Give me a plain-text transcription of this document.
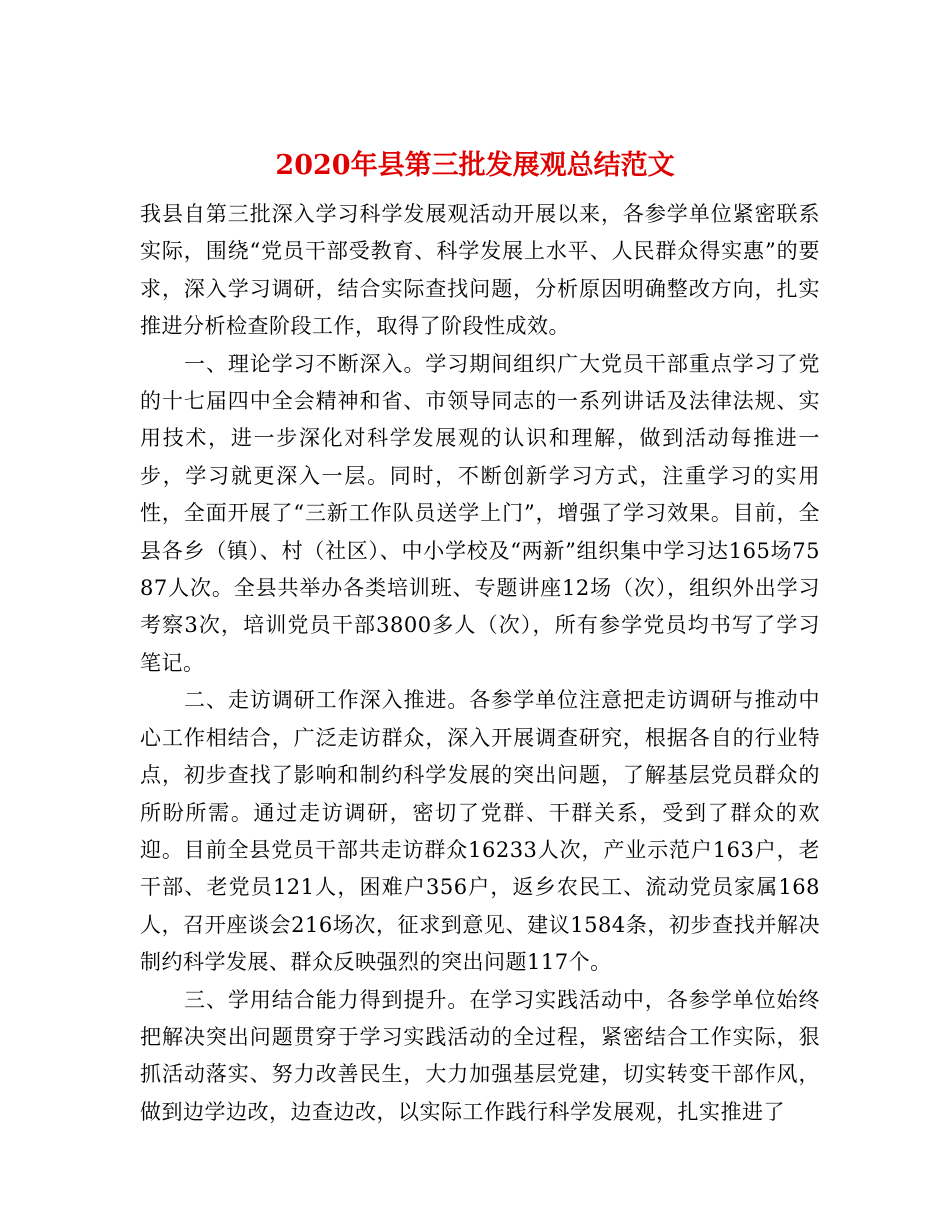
2020年县第三批发展观总结范文

我县自第三批深入学习科学发展观活动开展以来，各参学单位紧密联系实际，围绕“党员干部受教育、科学发展上水平、人民群众得实惠”的要求，深入学习调研，结合实际查找问题，分析原因明确整改方向，扎实推进分析检查阶段工作，取得了阶段性成效。

一、理论学习不断深入。学习期间组织广大党员干部重点学习了党的十七届四中全会精神和省、市领导同志的一系列讲话及法律法规、实用技术，进一步深化对科学发展观的认识和理解，做到活动每推进一步，学习就更深入一层。同时，不断创新学习方式，注重学习的实用性，全面开展了“三新工作队员送学上门”，增强了学习效果。目前，全县各乡（镇）、村（社区）、中小学校及“两新”组织集中学习达165场7587人次。全县共举办各类培训班、专题讲座12场（次），组织外出学习考察3次，培训党员干部3800多人（次），所有参学党员均书写了学习笔记。

二、走访调研工作深入推进。各参学单位注意把走访调研与推动中心工作相结合，广泛走访群众，深入开展调查研究，根据各自的行业特点，初步查找了影响和制约科学发展的突出问题，了解基层党员群众的所盼所需。通过走访调研，密切了党群、干群关系，受到了群众的欢迎。目前全县党员干部共走访群众16233人次，产业示范户163户，老干部、老党员121人，困难户356户，返乡农民工、流动党员家属168人，召开座谈会216场次，征求到意见、建议1584条，初步查找并解决制约科学发展、群众反映强烈的突出问题117个。

三、学用结合能力得到提升。在学习实践活动中，各参学单位始终把解决突出问题贯穿于学习实践活动的全过程，紧密结合工作实际，狠抓活动落实、努力改善民生，大力加强基层党建，切实转变干部作风，做到边学边改，边查边改，以实际工作践行科学发展观，扎实推进了
